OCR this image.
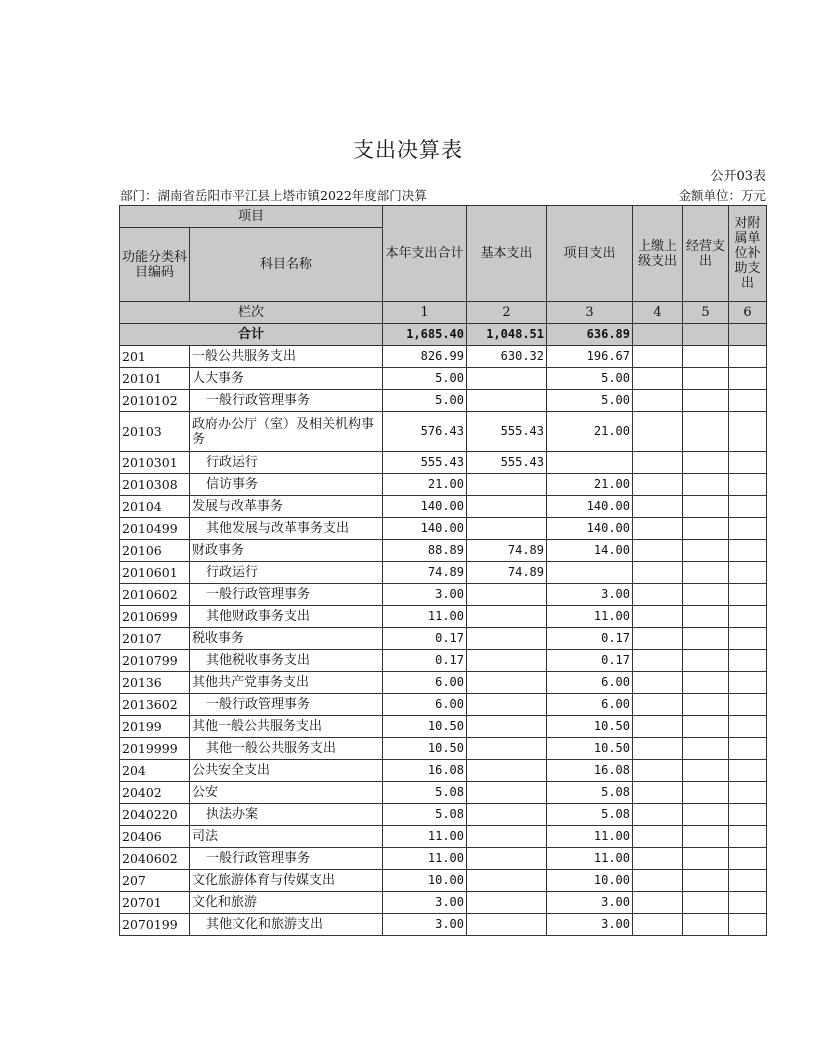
支出决算表
公开03表
部门：湖南省岳阳市平江县上塔市镇2022年度部门决算	金额单位：万元
项目		本年支出合计	基本支出	项目支出	上缴上级支出	经营支出	对附属单位补助支出
功能分类科目编码	科目名称						
栏次		1	2	3	4	5	6
合计		1,685.40	1,048.51	636.89			
201	一般公共服务支出	826.99	630.32	196.67			
20101	人大事务	5.00		5.00			
2010102	一般行政管理事务	5.00		5.00			
20103	政府办公厅（室）及相关机构事务	576.43	555.43	21.00			
2010301	行政运行	555.43	555.43				
2010308	信访事务	21.00		21.00			
20104	发展与改革事务	140.00		140.00			
2010499	其他发展与改革事务支出	140.00		140.00			
20106	财政事务	88.89	74.89	14.00			
2010601	行政运行	74.89	74.89				
2010602	一般行政管理事务	3.00		3.00			
2010699	其他财政事务支出	11.00		11.00			
20107	税收事务	0.17		0.17			
2010799	其他税收事务支出	0.17		0.17			
20136	其他共产党事务支出	6.00		6.00			
2013602	一般行政管理事务	6.00		6.00			
20199	其他一般公共服务支出	10.50		10.50			
2019999	其他一般公共服务支出	10.50		10.50			
204	公共安全支出	16.08		16.08			
20402	公安	5.08		5.08			
2040220	执法办案	5.08		5.08			
20406	司法	11.00		11.00			
2040602	一般行政管理事务	11.00		11.00			
207	文化旅游体育与传媒支出	10.00		10.00			
20701	文化和旅游	3.00		3.00			
2070199	其他文化和旅游支出	3.00		3.00			
